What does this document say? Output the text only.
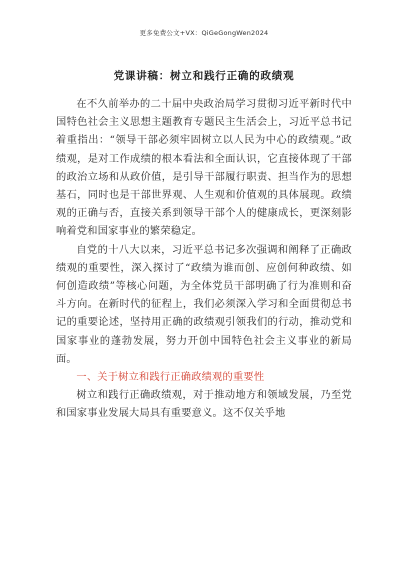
更多免费公文+VX：QiGeGongWen2024
党课讲稿：树立和践行正确的政绩观

在不久前举办的二十届中央政治局学习贯彻习近平新时代中国特色社会主义思想主题教育专题民主生活会上，习近平总书记着重指出：“领导干部必须牢固树立以人民为中心的政绩观。”政绩观，是对工作成绩的根本看法和全面认识，它直接体现了干部的政治立场和从政价值，是引导干部履行职责、担当作为的思想基石，同时也是干部世界观、人生观和价值观的具体展现。政绩观的正确与否，直接关系到领导干部个人的健康成长，更深刻影响着党和国家事业的繁荣稳定。

自党的十八大以来，习近平总书记多次强调和阐释了正确政绩观的重要性，深入探讨了“政绩为谁而创、应创何种政绩、如何创造政绩”等核心问题，为全体党员干部明确了行为准则和奋斗方向。在新时代的征程上，我们必须深入学习和全面贯彻总书记的重要论述，坚持用正确的政绩观引领我们的行动，推动党和国家事业的蓬勃发展，努力开创中国特色社会主义事业的新局面。

一、关于树立和践行正确政绩观的重要性

树立和践行正确政绩观，对于推动地方和领域发展，乃至党和国家事业发展大局具有重要意义。这不仅关乎地
